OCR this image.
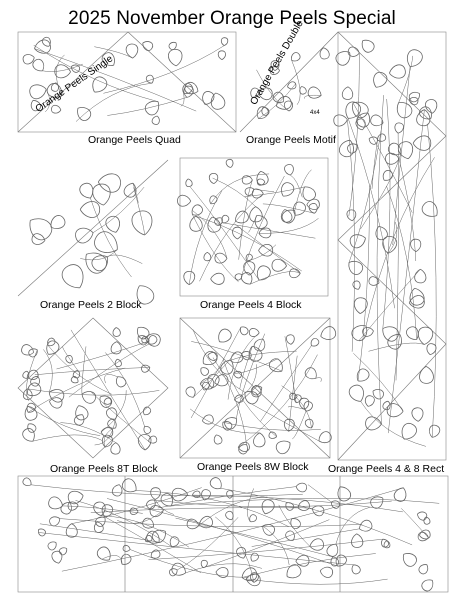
2025 November Orange Peels Special
Orange Peels Single
Orange Peels Quad
Orange Peels Double
4x4
Orange Peels Motif
Orange Peels 4 & 8 Rect
Orange Peels 2 Block	Orange Peels 4 Block
Orange Peels 8T Block	Orange Peels 8W Block
